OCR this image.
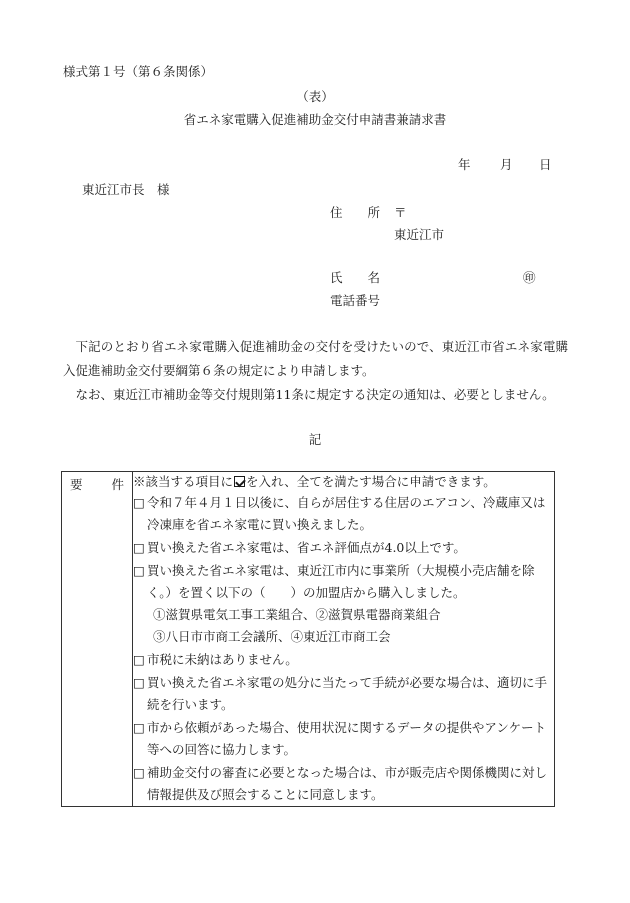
様式第１号（第６条関係）
（表）
省エネ家電購入促進補助金交付申請書兼請求書
年 月 日
東近江市長　様
住　　所 〒
東近江市
氏　　名	㊞
電話番号

下記のとおり省エネ家電購入促進補助金の交付を受けたいので、東近江市省エネ家電購入促進補助金交付要綱第６条の規定により申請します。

なお、東近江市補助金等交付規則第11条に規定する決定の通知は、必要としません。

記
要 件	※該当する項目に を入れ、全てを満たす場合に申請できます。
□ 令和７年４月１日以後に、自らが居住する住居のエアコン、冷蔵庫又は冷凍庫を省エネ家電に買い換えました。
□ 買い換えた省エネ家電は、省エネ評価点が4.0以上です。
□ 買い換えた省エネ家電は、東近江市内に事業所（大規模小売店舗を除く。）を置く以下の（　　）の加盟店から購入しました。
①滋賀県電気工事工業組合、②滋賀県電器商業組合
③八日市市商工会議所、④東近江市商工会
□ 市税に未納はありません。
□ 買い換えた省エネ家電の処分に当たって手続が必要な場合は、適切に手続を行います。
□ 市から依頼があった場合、使用状況に関するデータの提供やアンケート等への回答に協力します。
□ 補助金交付の審査に必要となった場合は、市が販売店や関係機関に対し情報提供及び照会することに同意します。
